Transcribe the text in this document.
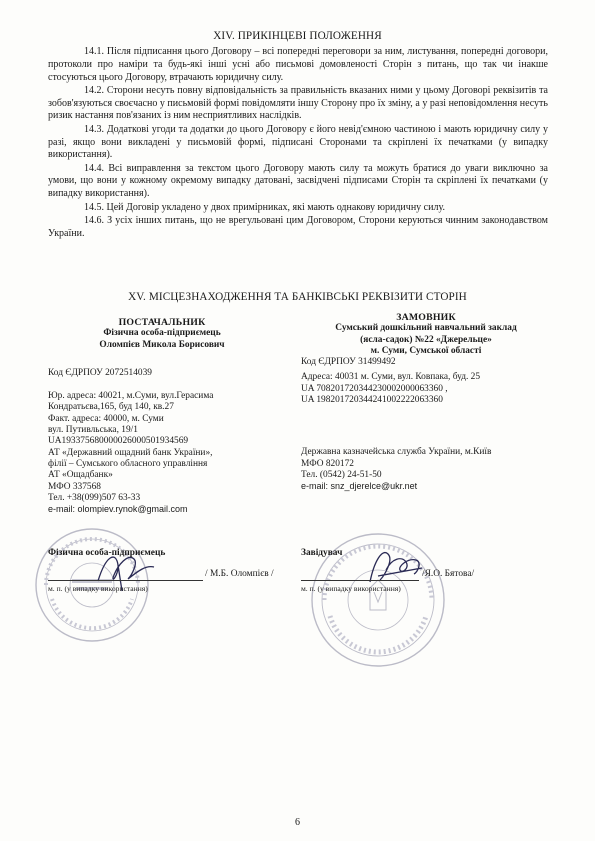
XIV. ПРИКІНЦЕВІ ПОЛОЖЕННЯ

14.1. Після підписання цього Договору – всі попередні переговори за ним, листування, попередні договори, протоколи про наміри та будь-які інші усні або письмові домовленості Сторін з питань, що так чи інакше стосуються цього Договору, втрачають юридичну силу.

14.2. Сторони несуть повну відповідальність за правильність вказаних ними у цьому Договорі реквізитів та зобов'язуються своєчасно у письмовій формі повідомляти іншу Сторону про їх зміну, а у разі неповідомлення несуть ризик настання пов'язаних із ним несприятливих наслідків.

14.3. Додаткові угоди та додатки до цього Договору є його невід'ємною частиною і мають юридичну силу у разі, якщо вони викладені у письмовій формі, підписані Сторонами та скріплені їх печатками (у випадку використання).

14.4. Всі виправлення за текстом цього Договору мають силу та можуть братися до уваги виключно за умови, що вони у кожному окремому випадку датовані, засвідчені підписами Сторін та скріплені їх печатками (у випадку використання).

14.5. Цей Договір укладено у двох примірниках, які мають однакову юридичну силу.

14.6. З усіх інших питань, що не врегульовані цим Договором, Сторони керуються чинним законодавством України.

XV. МІСЦЕЗНАХОДЖЕННЯ ТА БАНКІВСЬКІ РЕКВІЗИТИ СТОРІН
ПОСТАЧАЛЬНИК
Фізична особа-підприємець
Оломпієв Микола Борисович
Код ЄДРПОУ 2072514039
Юр. адреса: 40021, м.Суми, вул.Герасима
Кондратьєва,165, буд 140, кв.27
Факт. адреса: 40000, м. Суми
вул. Путивльська, 19/1
UA193375680000026000501934569
АТ «Державний ощадний банк України»,
філії – Сумського обласного управління
АТ «Ощадбанк»
МФО 337568
Тел. +38(099)507 63-33
e-mail: olompiev.rynok@gmail.com
ЗАМОВНИК
Сумський дошкільний навчальний заклад
(ясла-садок) №22 «Джерельце»
м. Суми, Сумської області
Код ЄДРПОУ 31499492
Адреса: 40031 м. Суми, вул. Ковпака, буд. 25
UA 708201720344230002000063360 ,
UA 198201720344241002222063360
Державна казначейська служба України, м.Київ
МФО 820172
Тел. (0542) 24-51-50
e-mail: snz_djerelce@ukr.net
Фізична особа-підприємець
/ М.Б. Оломпієв /
м. п. (у випадку використання)
Завідувач
/Я.О. Бятова/
м. п. (у випадку використання)
6
